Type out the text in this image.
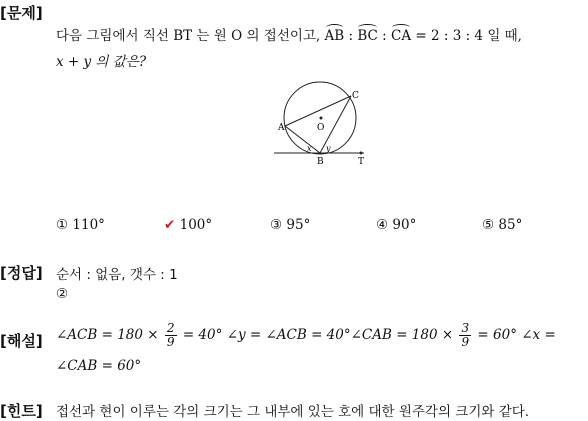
[문제]
다음 그림에서 직선 BT 는 원 O 의 접선이고, AB : BC : CA = 2 : 3 : 4 일 때,
x + y 의 값은?
A
C
O
B	T
x y
① 110°	✔ 100°	③ 95°	④ 90°	⑤ 85°
[정답] 순서 : 없음, 갯수 : 1
②
[해설] ∠ACB = $180 \times \frac{2}{9} = 40^\circ$ ∠y = ∠ACB = 40°∠CAB = $180 \times \frac{3}{9} = 60^\circ$ ∠x =
∠CAB = 60°
[힌트] 접선과 현이 이루는 각의 크기는 그 내부에 있는 호에 대한 원주각의 크기와 같다.
